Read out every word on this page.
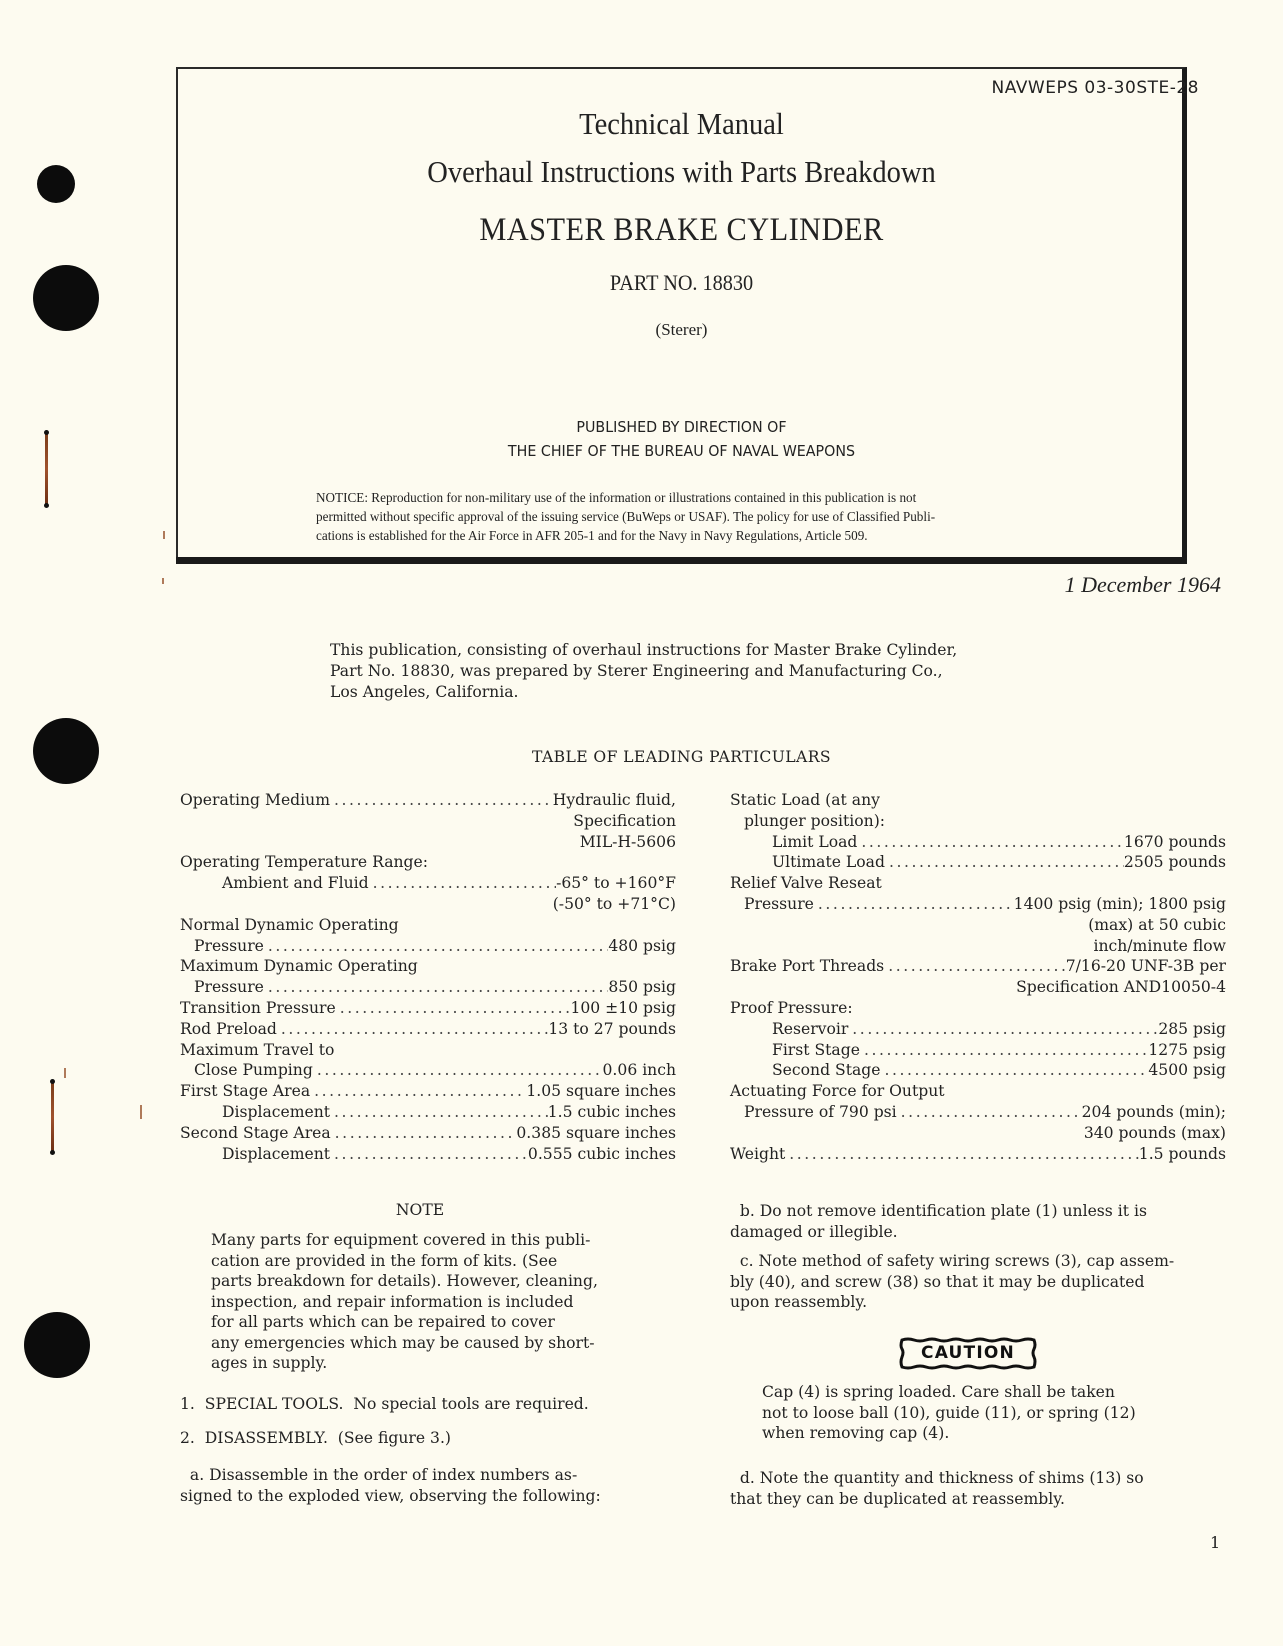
NAVWEPS 03-30STE-28
Technical Manual
Overhaul Instructions with Parts Breakdown
MASTER BRAKE CYLINDER
PART NO. 18830
(Sterer)
PUBLISHED BY DIRECTION OF
THE CHIEF OF THE BUREAU OF NAVAL WEAPONS
NOTICE: Reproduction for non-military use of the information or illustrations contained in this publication is not
permitted without specific approval of the issuing service (BuWeps or USAF). The policy for use of Classified Publi-
cations is established for the Air Force in AFR 205-1 and for the Navy in Navy Regulations, Article 509.
1 December 1964
This publication, consisting of overhaul instructions for Master Brake Cylinder,
Part No. 18830, was prepared by Sterer Engineering and Manufacturing Co.,
Los Angeles, California.
TABLE OF LEADING PARTICULARS
Operating Medium . . .	Hydraulic fluid,
Specification
MIL-H-5606
Operating Temperature Range:
Ambient and Fluid . . .	-65° to +160°F
(-50° to +71°C)
Normal Dynamic Operating
Pressure . . .	480 psig
Maximum Dynamic Operating
Pressure . . .	850 psig
Transition Pressure . . .	100 ±10 psig
Rod Preload . . .	13 to 27 pounds
Maximum Travel to
Close Pumping . . .	0.06 inch
First Stage Area . . .	1.05 square inches
Displacement . . .	1.5 cubic inches
Second Stage Area . . .	0.385 square inches
Displacement . . .	0.555 cubic inches
Static Load (at any
plunger position):
Limit Load . . .	1670 pounds
Ultimate Load . . .	2505 pounds
Relief Valve Reseat
Pressure . . .	1400 psig (min); 1800 psig
(max) at 50 cubic
inch/minute flow
Brake Port Threads . . .	7/16-20 UNF-3B per
Specification AND10050-4
Proof Pressure:
Reservoir . . .	285 psig
First Stage . . .	1275 psig
Second Stage . . .	4500 psig
Actuating Force for Output
Pressure of 790 psi . . .	204 pounds (min);
340 pounds (max)
Weight . . .	1.5 pounds
NOTE
Many parts for equipment covered in this publi-
cation are provided in the form of kits. (See
parts breakdown for details). However, cleaning,
inspection, and repair information is included
for all parts which can be repaired to cover
any emergencies which may be caused by short-
ages in supply.
1.  SPECIAL TOOLS.  No special tools are required.
2.  DISASSEMBLY.  (See figure 3.)
a. Disassemble in the order of index numbers as-
signed to the exploded view, observing the following:
b. Do not remove identification plate (1) unless it is
damaged or illegible.
c. Note method of safety wiring screws (3), cap assem-
bly (40), and screw (38) so that it may be duplicated
upon reassembly.
CAUTION
Cap (4) is spring loaded. Care shall be taken
not to loose ball (10), guide (11), or spring (12)
when removing cap (4).
d. Note the quantity and thickness of shims (13) so
that they can be duplicated at reassembly.
1
